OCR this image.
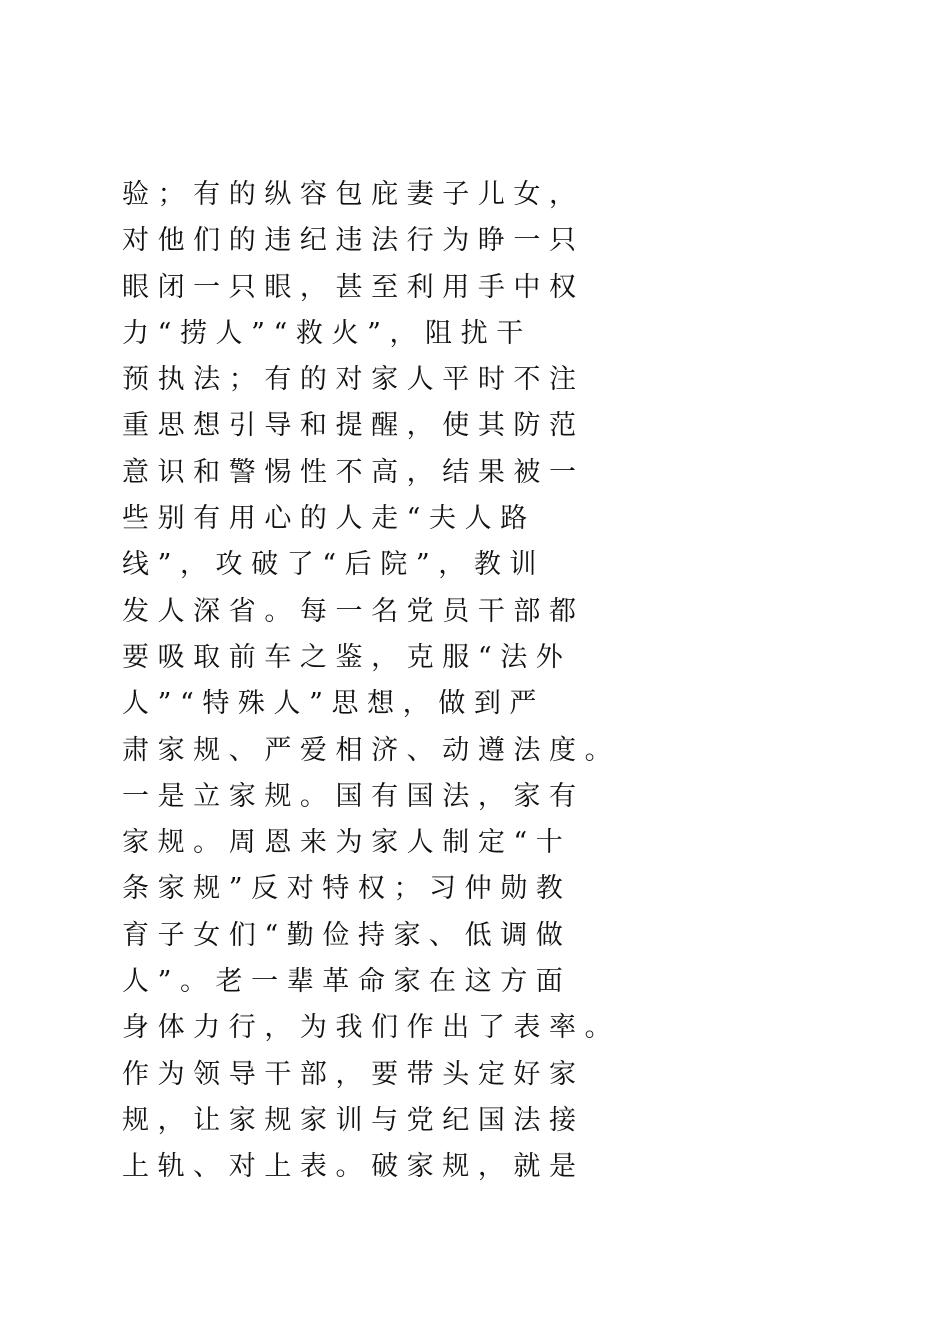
验 ； 有 的 纵 容 包 庇 妻 子 儿 女 ，
对 他 们 的 违 纪 违 法 行 为 睁 一 只
眼 闭 一 只 眼 ， 甚 至 利 用 手 中 权
力 “ 捞 人 ” “ 救 火 ” ， 阻 扰 干
预 执 法 ； 有 的 对 家 人 平 时 不 注
重 思 想 引 导 和 提 醒 ， 使 其 防 范
意 识 和 警 惕 性 不 高 ， 结 果 被 一
些 别 有 用 心 的 人 走 “ 夫 人 路
线 ” ， 攻 破 了 “ 后 院 ” ， 教 训
发 人 深 省 。 每 一 名 党 员 干 部 都
要 吸 取 前 车 之 鉴 ， 克 服 “ 法 外
人 ” “ 特 殊 人 ” 思 想 ， 做 到 严
肃 家 规 、 严 爱 相 济 、 动 遵 法 度 。
一 是 立 家 规 。 国 有 国 法 ， 家 有
家 规 。 周 恩 来 为 家 人 制 定 “ 十
条 家 规 ” 反 对 特 权 ； 习 仲 勋 教
育 子 女 们 “ 勤 俭 持 家 、 低 调 做
人 ” 。 老 一 辈 革 命 家 在 这 方 面
身 体 力 行 ， 为 我 们 作 出 了 表 率 。
作 为 领 导 干 部 ， 要 带 头 定 好 家
规 ， 让 家 规 家 训 与 党 纪 国 法 接
上 轨 、 对 上 表 。 破 家 规 ， 就 是
